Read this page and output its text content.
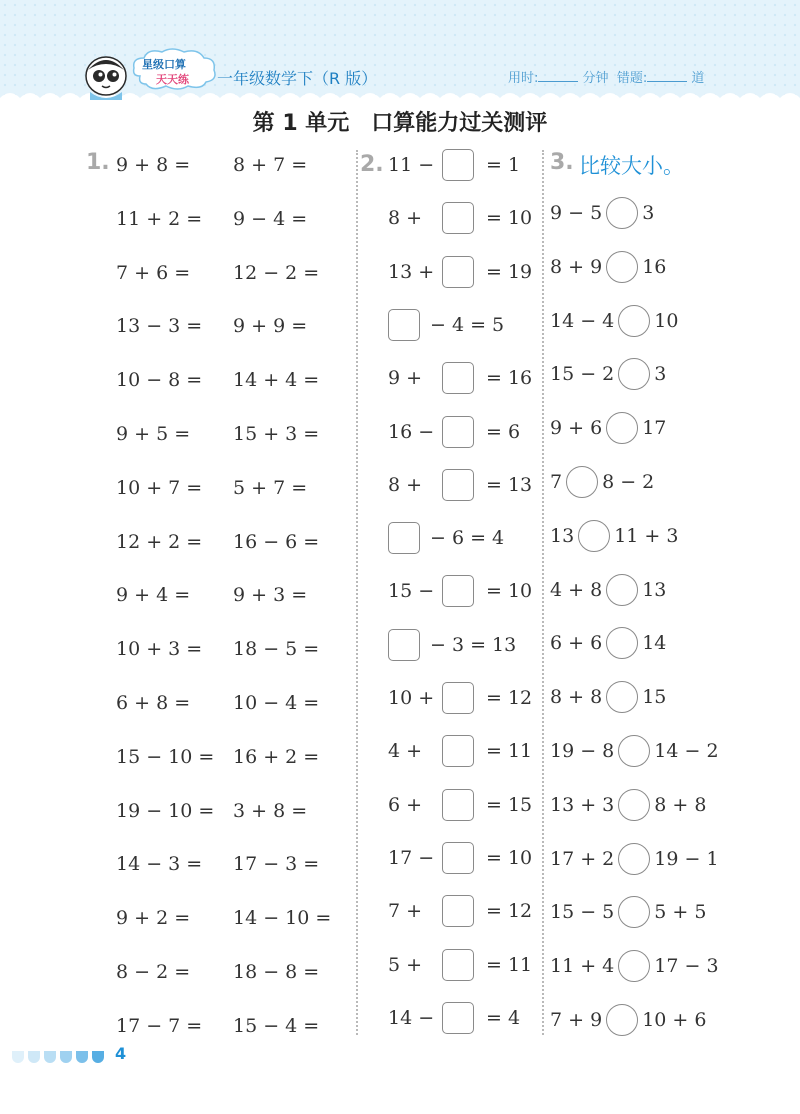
星级口算
天天练 一年级数学下（R 版）	用时:	分钟 错题:	道
第 1 单元　口算能力过关测评
1.	2.	3. 比较大小。
9 + 8 = 8 + 7 =
11 + 2 = 9 − 4 =
7 + 6 = 12 − 2 =
13 − 3 = 9 + 9 =
10 − 8 = 14 + 4 =
9 + 5 = 15 + 3 =
10 + 7 = 5 + 7 =
12 + 2 = 16 − 6 =
9 + 4 = 9 + 3 =
10 + 3 = 18 − 5 =
6 + 8 = 10 − 4 =
15 − 10 = 16 + 2 =
19 − 10 = 3 + 8 =
14 − 3 = 17 − 3 =
9 + 2 = 14 − 10 =
8 − 2 = 18 − 8 =
17 − 7 = 15 − 4 =
11 −	= 1
8 +	= 10
13 +	= 19
− 4 = 5
9 +	= 16
16 −	= 6
8 +	= 13
− 6 = 4
15 −	= 10
− 3 = 13
10 +	= 12
4 +	= 11
6 +	= 15
17 −	= 10
7 +	= 12
5 +	= 11
14 −	= 4
9 − 5 3
8 + 9 16
14 − 4 10
15 − 2 3
9 + 6 17
7 8 − 2
13 11 + 3
4 + 8 13
6 + 6 14
8 + 8 15
19 − 8 14 − 2
13 + 3 8 + 8
17 + 2 19 − 1
15 − 5 5 + 5
11 + 4 17 − 3
7 + 9 10 + 6
4
